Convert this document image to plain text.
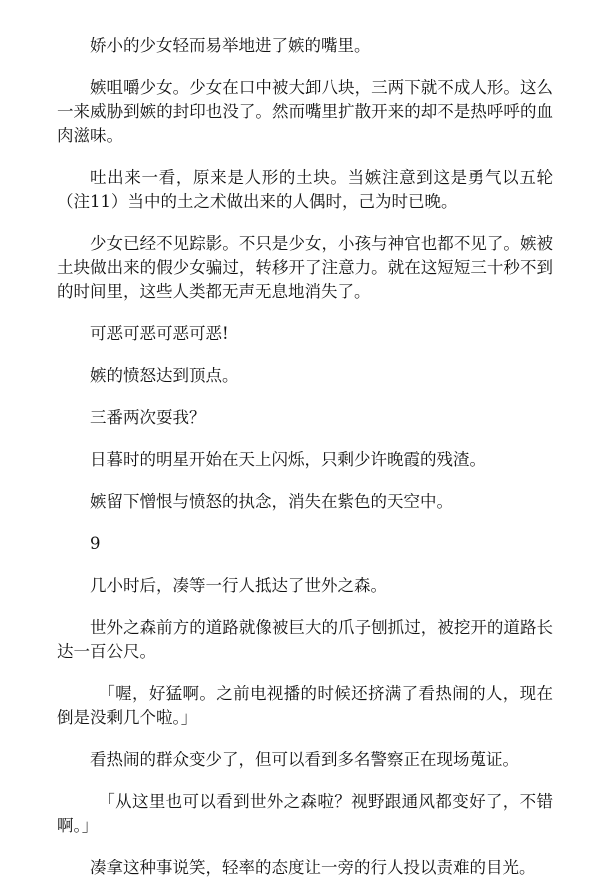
娇小的少女轻而易举地进了嫉的嘴里。

嫉咀嚼少女。少女在口中被大卸八块，三两下就不成人形。这么一来威胁到嫉的封印也没了。然而嘴里扩散开来的却不是热呼呼的血肉滋味。

吐出来一看，原来是人形的土块。当嫉注意到这是勇气以五轮（注11）当中的土之术做出来的人偶时，己为时已晚。

少女已经不见踪影。不只是少女，小孩与神官也都不见了。嫉被土块做出来的假少女骗过，转移开了注意力。就在这短短三十秒不到的时间里，这些人类都无声无息地消失了。

可恶可恶可恶可恶!

嫉的愤怒达到顶点。

三番两次耍我？

日暮时的明星开始在天上闪烁，只剩少许晚霞的残渣。

嫉留下憎恨与愤怒的执念，消失在紫色的天空中。

9

几小时后，凑等一行人抵达了世外之森。

世外之森前方的道路就像被巨大的爪子刨抓过，被挖开的道路长达一百公尺。

「喔，好猛啊。之前电视播的时候还挤满了看热闹的人，现在倒是没剩几个啦。」

看热闹的群众变少了，但可以看到多名警察正在现场蒐证。

「从这里也可以看到世外之森啦？视野跟通风都变好了，不错啊。」

凑拿这种事说笑，轻率的态度让一旁的行人投以责难的目光。
